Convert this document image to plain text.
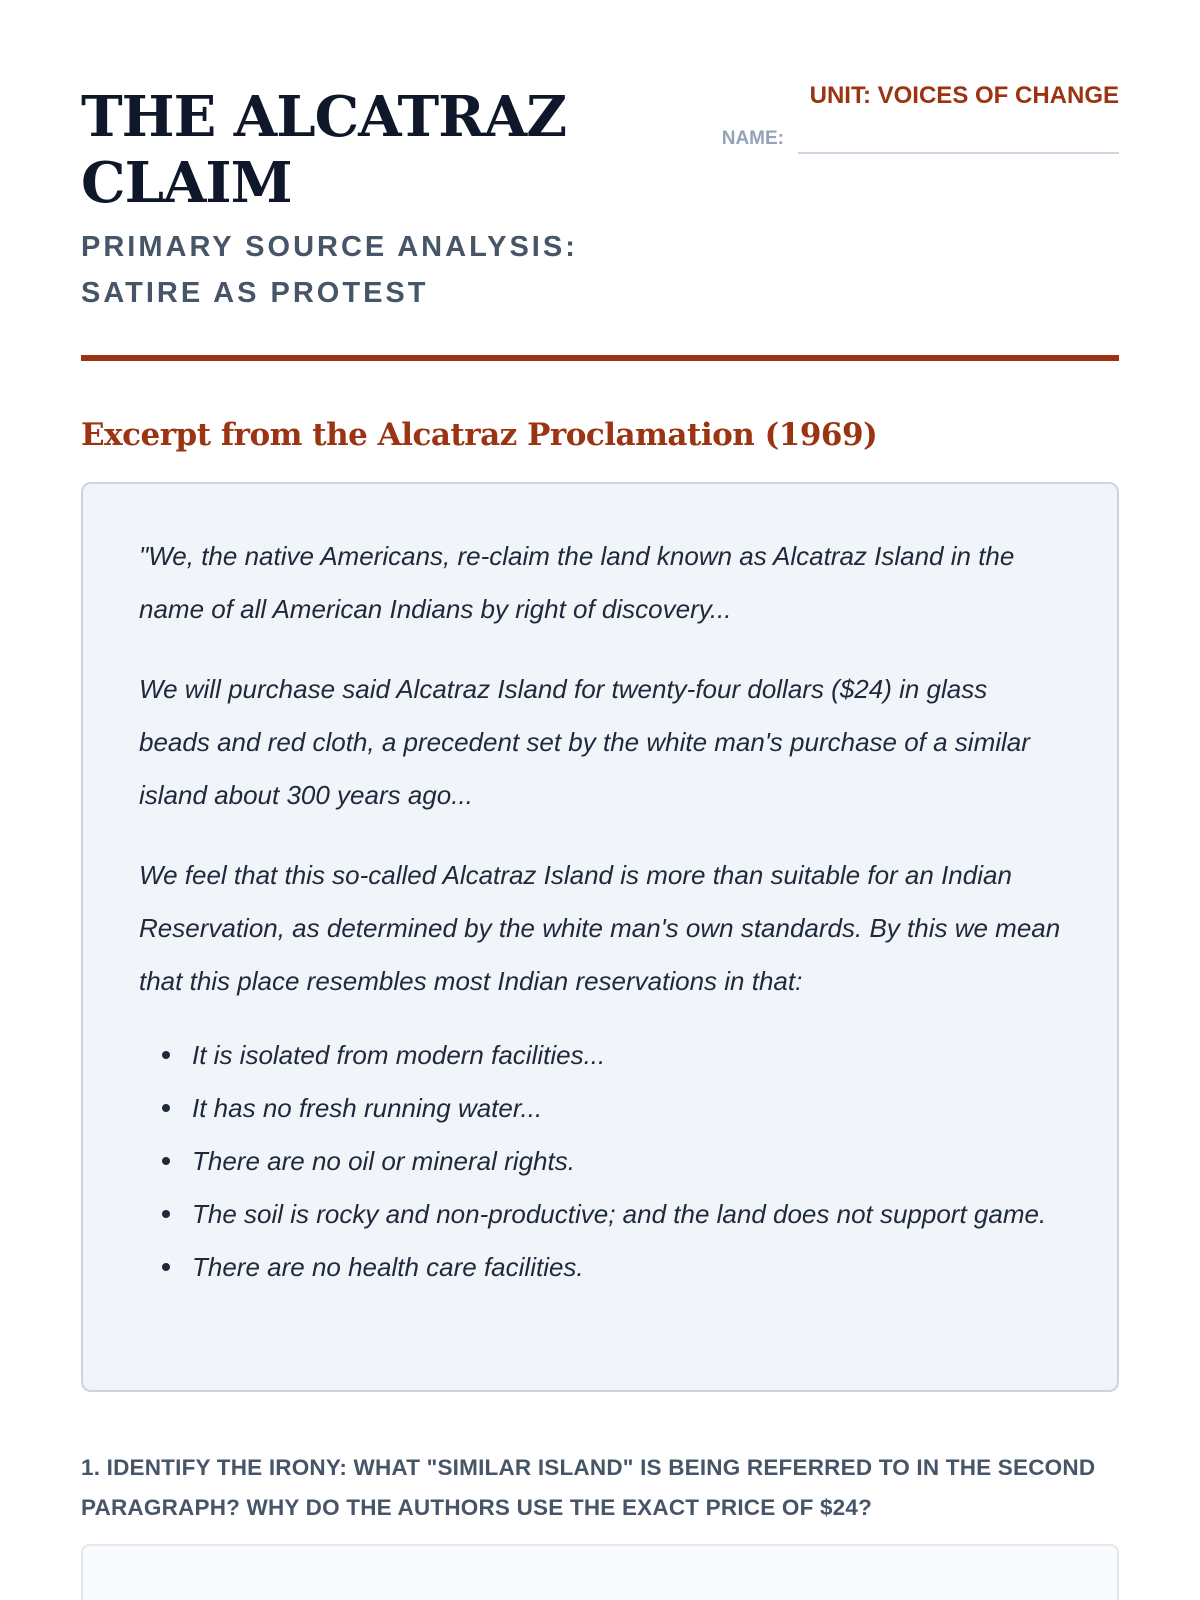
THE ALCATRAZ CLAIM
PRIMARY SOURCE ANALYSIS: SATIRE AS PROTEST
UNIT: VOICES OF CHANGE
NAME:
Excerpt from the Alcatraz Proclamation (1969)

"We, the native Americans, re-claim the land known as Alcatraz Island in the name of all American Indians by right of discovery...

We will purchase said Alcatraz Island for twenty-four dollars ($24) in glass beads and red cloth, a precedent set by the white man's purchase of a similar island about 300 years ago...

We feel that this so-called Alcatraz Island is more than suitable for an Indian Reservation, as determined by the white man's own standards. By this we mean that this place resembles most Indian reservations in that:

It is isolated from modern facilities...
It has no fresh running water...
There are no oil or mineral rights.
The soil is rocky and non-productive; and the land does not support game.
There are no health care facilities.
1. IDENTIFY THE IRONY: WHAT "SIMILAR ISLAND" IS BEING REFERRED TO IN THE SECOND PARAGRAPH? WHY DO THE AUTHORS USE THE EXACT PRICE OF $24?
